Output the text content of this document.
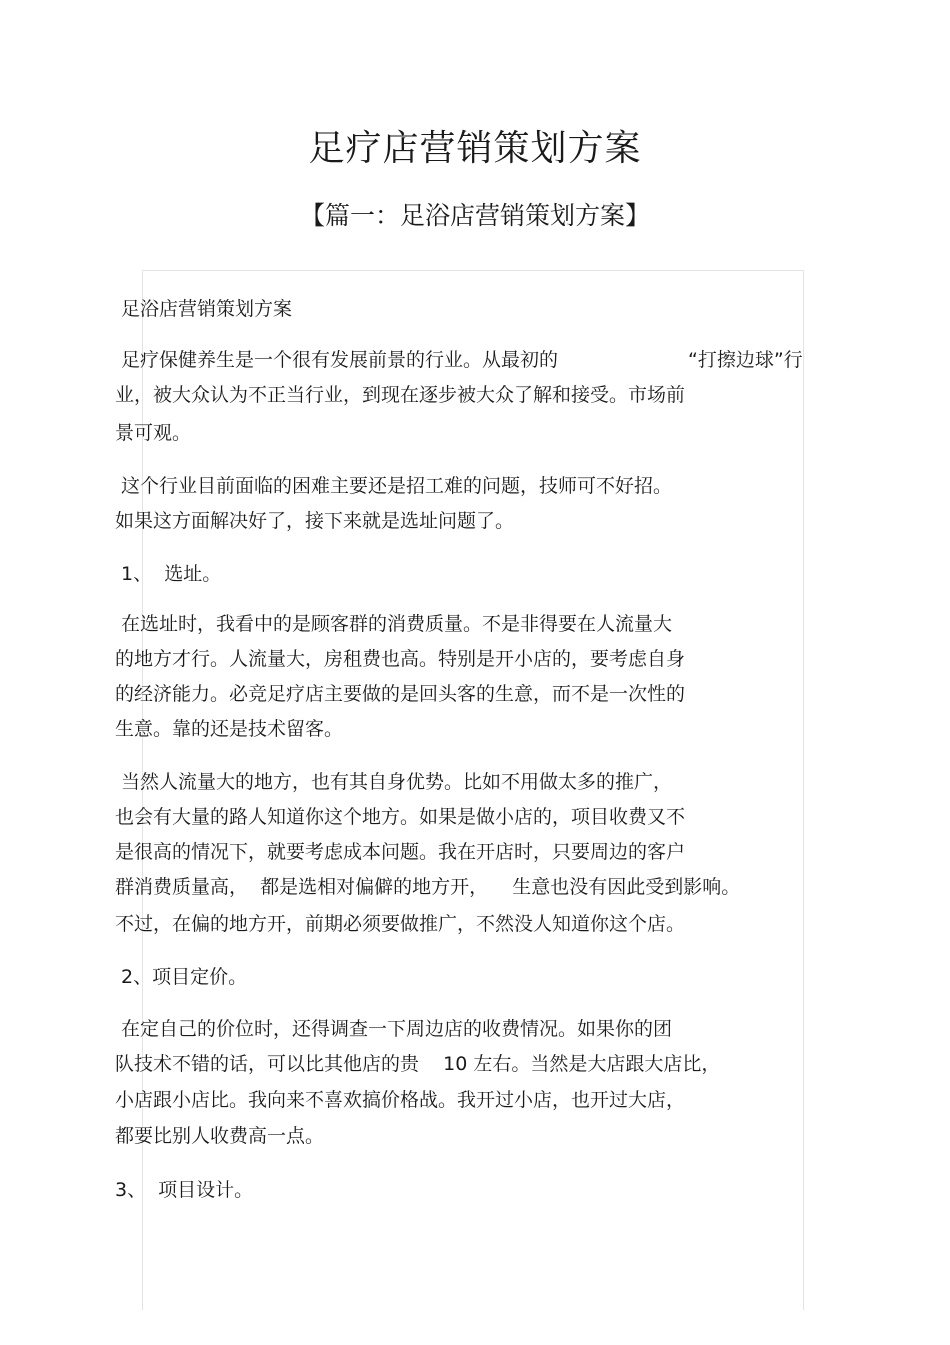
足疗店营销策划方案
【篇一：足浴店营销策划方案】

足浴店营销策划方案

足疗保健养生是一个很有发展前景的行业。从最初的	“打擦边球”行

业，被大众认为不正当行业，到现在逐步被大众了解和接受。市场前

景可观。

这个行业目前面临的困难主要还是招工难的问题，技师可不好招。

如果这方面解决好了，接下来就是选址问题了。

1、  选址。

在选址时，我看中的是顾客群的消费质量。不是非得要在人流量大

的地方才行。人流量大，房租费也高。特别是开小店的，要考虑自身

的经济能力。必竞足疗店主要做的是回头客的生意，而不是一次性的

生意。靠的还是技术留客。

当然人流量大的地方，也有其自身优势。比如不用做太多的推广，

也会有大量的路人知道你这个地方。如果是做小店的，项目收费又不

是很高的情况下，就要考虑成本问题。我在开店时，只要周边的客户

群消费质量高，  都是选相对偏僻的地方开，    生意也没有因此受到影响。

不过，在偏的地方开，前期必须要做推广，不然没人知道你这个店。

2、项目定价。

在定自己的价位时，还得调查一下周边店的收费情况。如果你的团

队技术不错的话，可以比其他店的贵    10 左右。当然是大店跟大店比，

小店跟小店比。我向来不喜欢搞价格战。我开过小店，也开过大店，

都要比别人收费高一点。

3、  项目设计。
